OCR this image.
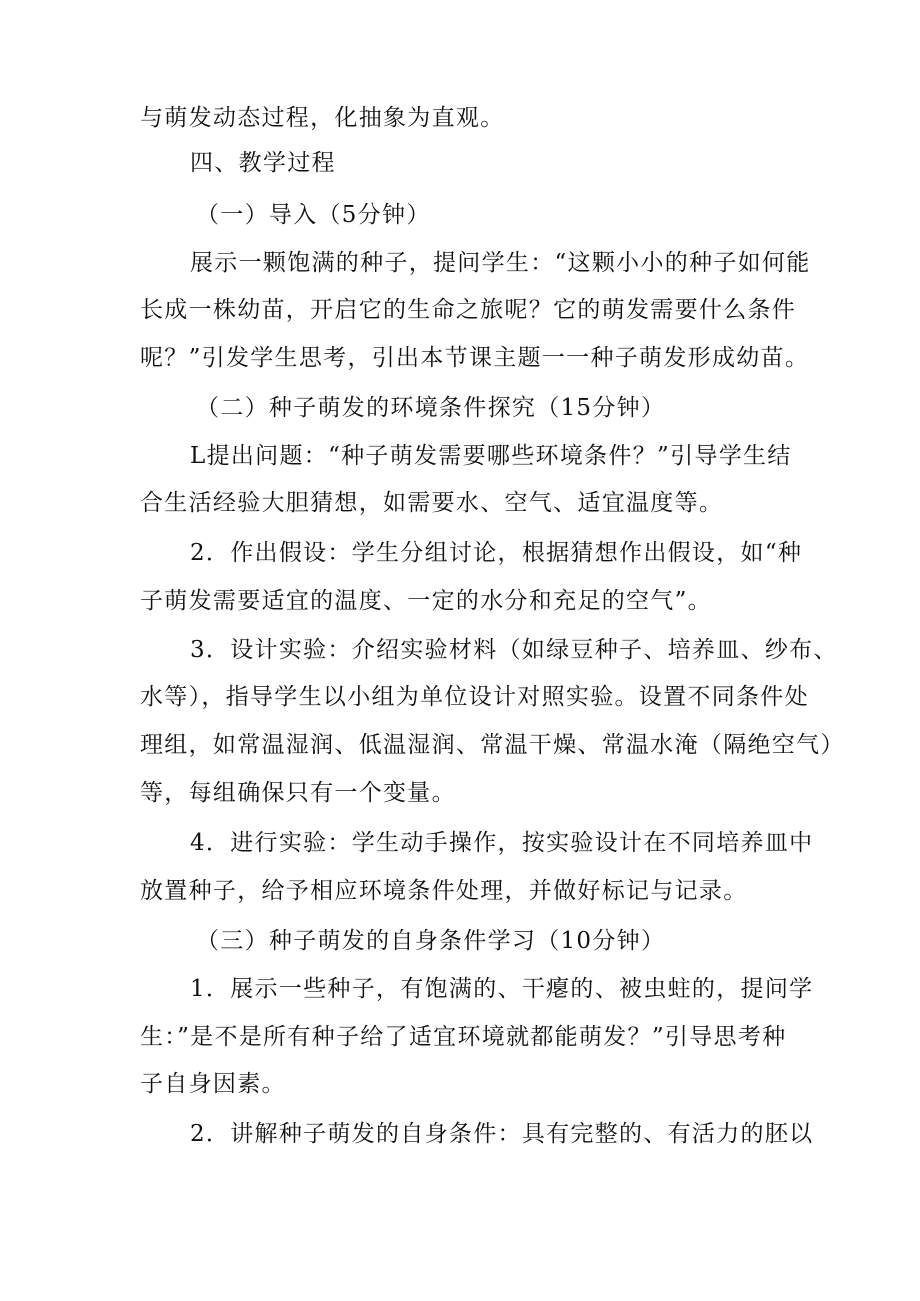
与萌发动态过程，化抽象为直观。
四、教学过程
（一）导入（5分钟）
展示一颗饱满的种子，提问学生：“这颗小小的种子如何能
长成一株幼苗，开启它的生命之旅呢？它的萌发需要什么条件
呢？”引发学生思考，引出本节课主题一一种子萌发形成幼苗。
（二）种子萌发的环境条件探究（15分钟）
L提出问题：“种子萌发需要哪些环境条件？”引导学生结
合生活经验大胆猜想，如需要水、空气、适宜温度等。
2．作出假设：学生分组讨论，根据猜想作出假设，如“种
子萌发需要适宜的温度、一定的水分和充足的空气”。
3．设计实验：介绍实验材料（如绿豆种子、培养皿、纱布、
水等），指导学生以小组为单位设计对照实验。设置不同条件处
理组，如常温湿润、低温湿润、常温干燥、常温水淹（隔绝空气）
等，每组确保只有一个变量。
4．进行实验：学生动手操作，按实验设计在不同培养皿中
放置种子，给予相应环境条件处理，并做好标记与记录。
（三）种子萌发的自身条件学习（10分钟）
1．展示一些种子，有饱满的、干瘪的、被虫蛀的，提问学
生：”是不是所有种子给了适宜环境就都能萌发？”引导思考种
子自身因素。
2．讲解种子萌发的自身条件：具有完整的、有活力的胚以
